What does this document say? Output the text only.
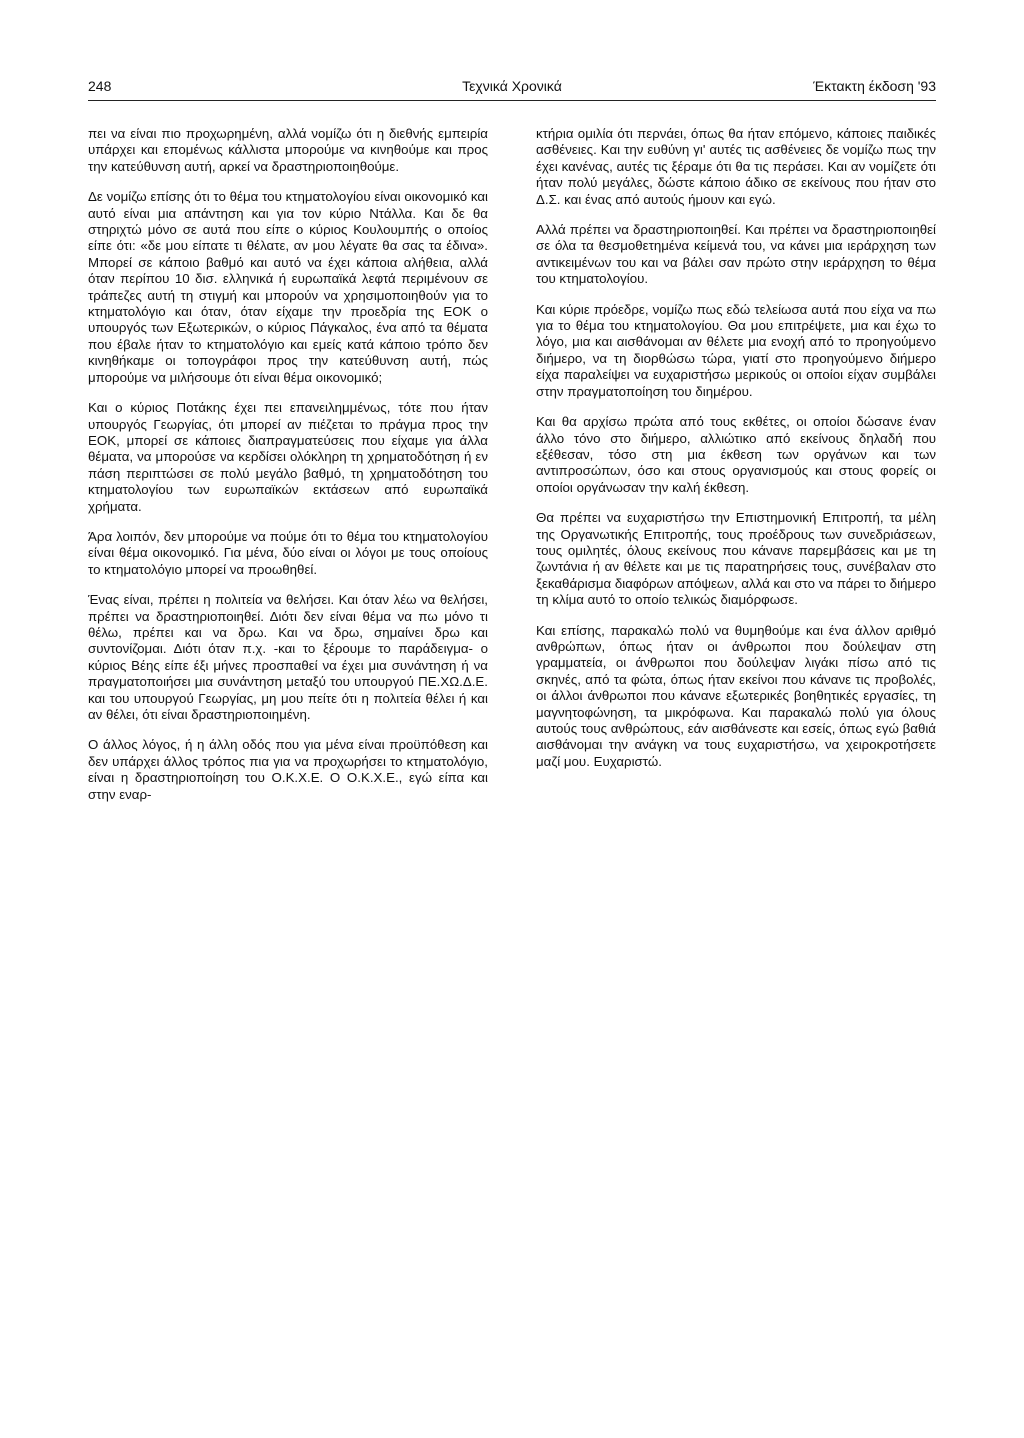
248	Τεχνικά Χρονικά	Έκτακτη έκδοση '93

πει να είναι πιο προχωρημένη, αλλά νομίζω ότι η διεθνής εμπειρία υπάρχει και επομένως κάλλιστα μπορούμε να κινηθούμε και προς την κατεύθυνση αυτή, αρκεί να δραστηριοποιηθούμε.

Δε νομίζω επίσης ότι το θέμα του κτηματολογίου είναι οικονομικό και αυτό είναι μια απάντηση και για τον κύριο Ντάλλα. Και δε θα στηριχτώ μόνο σε αυτά που είπε ο κύριος Κουλουμπής ο οποίος είπε ότι: «δε μου είπατε τι θέλατε, αν μου λέγατε θα σας τα έδινα». Μπορεί σε κάποιο βαθμό και αυτό να έχει κάποια αλήθεια, αλλά όταν περίπου 10 δισ. ελληνικά ή ευρωπαϊκά λεφτά περιμένουν σε τράπεζες αυτή τη στιγμή και μπορούν να χρησιμοποιηθούν για το κτηματολόγιο και όταν, όταν είχαμε την προεδρία της ΕΟΚ ο υπουργός των Εξωτερικών, ο κύριος Πάγκαλος, ένα από τα θέματα που έβαλε ήταν το κτηματολόγιο και εμείς κατά κάποιο τρόπο δεν κινηθήκαμε οι τοπογράφοι προς την κατεύθυνση αυτή, πώς μπορούμε να μιλήσουμε ότι είναι θέμα οικονομικό;

Και ο κύριος Ποτάκης έχει πει επανειλημμένως, τότε που ήταν υπουργός Γεωργίας, ότι μπορεί αν πιέζεται το πράγμα προς την ΕΟΚ, μπορεί σε κάποιες διαπραγματεύσεις που είχαμε για άλλα θέματα, να μπορούσε να κερδίσει ολόκληρη τη χρηματοδότηση ή εν πάση περιπτώσει σε πολύ μεγάλο βαθμό, τη χρηματοδότηση του κτηματολογίου των ευρωπαϊκών εκτάσεων από ευρωπαϊκά χρήματα.

Άρα λοιπόν, δεν μπορούμε να πούμε ότι το θέμα του κτηματολογίου είναι θέμα οικονομικό. Για μένα, δύο είναι οι λόγοι με τους οποίους το κτηματολόγιο μπορεί να προωθηθεί.

Ένας είναι, πρέπει η πολιτεία να θελήσει. Και όταν λέω να θελήσει, πρέπει να δραστηριοποιηθεί. Διότι δεν είναι θέμα να πω μόνο τι θέλω, πρέπει και να δρω. Και να δρω, σημαίνει δρω και συντονίζομαι. Διότι όταν π.χ. -και το ξέρουμε το παράδειγμα- ο κύριος Βέης είπε έξι μήνες προσπαθεί να έχει μια συνάντηση ή να πραγματοποιήσει μια συνάντηση μεταξύ του υπουργού ΠΕ.ΧΩ.Δ.Ε. και του υπουργού Γεωργίας, μη μου πείτε ότι η πολιτεία θέλει ή και αν θέλει, ότι είναι δραστηριοποιημένη.

Ο άλλος λόγος, ή η άλλη οδός που για μένα είναι προϋπόθεση και δεν υπάρχει άλλος τρόπος πια για να προχωρήσει το κτηματολόγιο, είναι η δραστηριοποίηση του Ο.Κ.Χ.Ε. Ο Ο.Κ.Χ.Ε., εγώ είπα και στην εναρ-

κτήρια ομιλία ότι περνάει, όπως θα ήταν επόμενο, κάποιες παιδικές ασθένειες. Και την ευθύνη γι' αυτές τις ασθένειες δε νομίζω πως την έχει κανένας, αυτές τις ξέραμε ότι θα τις περάσει. Και αν νομίζετε ότι ήταν πολύ μεγάλες, δώστε κάποιο άδικο σε εκείνους που ήταν στο Δ.Σ. και ένας από αυτούς ήμουν και εγώ.

Αλλά πρέπει να δραστηριοποιηθεί. Και πρέπει να δραστηριοποιηθεί σε όλα τα θεσμοθετημένα κείμενά του, να κάνει μια ιεράρχηση των αντικειμένων του και να βάλει σαν πρώτο στην ιεράρχηση το θέμα του κτηματολογίου.

Και κύριε πρόεδρε, νομίζω πως εδώ τελείωσα αυτά που είχα να πω για το θέμα του κτηματολογίου. Θα μου επιτρέψετε, μια και έχω το λόγο, μια και αισθάνομαι αν θέλετε μια ενοχή από το προηγούμενο διήμερο, να τη διορθώσω τώρα, γιατί στο προηγούμενο διήμερο είχα παραλείψει να ευχαριστήσω μερικούς οι οποίοι είχαν συμβάλει στην πραγματοποίηση του διημέρου.

Και θα αρχίσω πρώτα από τους εκθέτες, οι οποίοι δώσανε έναν άλλο τόνο στο διήμερο, αλλιώτικο από εκείνους δηλαδή που εξέθεσαν, τόσο στη μια έκθεση των οργάνων και των αντιπροσώπων, όσο και στους οργανισμούς και στους φορείς οι οποίοι οργάνωσαν την καλή έκθεση.

Θα πρέπει να ευχαριστήσω την Επιστημονική Επιτροπή, τα μέλη της Οργανωτικής Επιτροπής, τους προέδρους των συνεδριάσεων, τους ομιλητές, όλους εκείνους που κάνανε παρεμβάσεις και με τη ζωντάνια ή αν θέλετε και με τις παρατηρήσεις τους, συνέβαλαν στο ξεκαθάρισμα διαφόρων απόψεων, αλλά και στο να πάρει το διήμερο τη κλίμα αυτό το οποίο τελικώς διαμόρφωσε.

Και επίσης, παρακαλώ πολύ να θυμηθούμε και ένα άλλον αριθμό ανθρώπων, όπως ήταν οι άνθρωποι που δούλεψαν στη γραμματεία, οι άνθρωποι που δούλεψαν λιγάκι πίσω από τις σκηνές, από τα φώτα, όπως ήταν εκείνοι που κάνανε τις προβολές, οι άλλοι άνθρωποι που κάνανε εξωτερικές βοηθητικές εργασίες, τη μαγνητοφώνηση, τα μικρόφωνα. Και παρακαλώ πολύ για όλους αυτούς τους ανθρώπους, εάν αισθάνεστε και εσείς, όπως εγώ βαθιά αισθάνομαι την ανάγκη να τους ευχαριστήσω, να χειροκροτήσετε μαζί μου. Ευχαριστώ.
